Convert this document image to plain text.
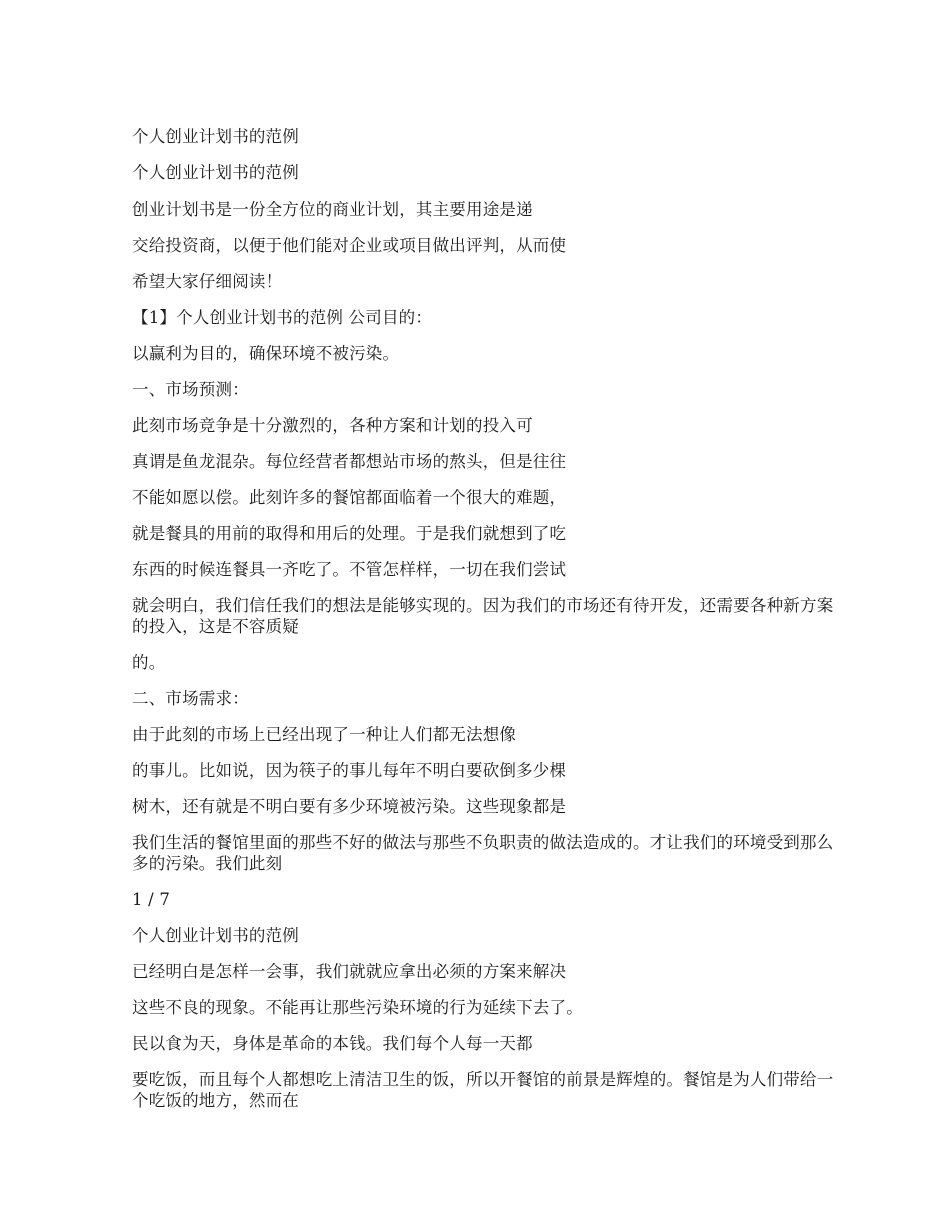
个人创业计划书的范例
个人创业计划书的范例
创业计划书是一份全方位的商业计划，其主要用途是递
交给投资商，以便于他们能对企业或项目做出评判，从而使
希望大家仔细阅读！
【1】个人创业计划书的范例 公司目的：
以赢利为目的，确保环境不被污染。
一、市场预测：
此刻市场竞争是十分激烈的，各种方案和计划的投入可
真谓是鱼龙混杂。每位经营者都想站市场的熬头，但是往往
不能如愿以偿。此刻许多的餐馆都面临着一个很大的难题，
就是餐具的用前的取得和用后的处理。于是我们就想到了吃
东西的时候连餐具一齐吃了。不管怎样样，一切在我们尝试
就会明白，我们信任我们的想法是能够实现的。因为我们的市场还有待开发，还需要各种新方案的投入，这是不容质疑
的。
二、市场需求：
由于此刻的市场上已经出现了一种让人们都无法想像
的事儿。比如说，因为筷子的事儿每年不明白要砍倒多少棵
树木，还有就是不明白要有多少环境被污染。这些现象都是
我们生活的餐馆里面的那些不好的做法与那些不负职责的做法造成的。才让我们的环境受到那么多的污染。我们此刻
1 / 7
个人创业计划书的范例
已经明白是怎样一会事，我们就就应拿出必须的方案来解决
这些不良的现象。不能再让那些污染环境的行为延续下去了。
民以食为天，身体是革命的本钱。我们每个人每一天都
要吃饭，而且每个人都想吃上清洁卫生的饭，所以开餐馆的前景是辉煌的。餐馆是为人们带给一个吃饭的地方，然而在
